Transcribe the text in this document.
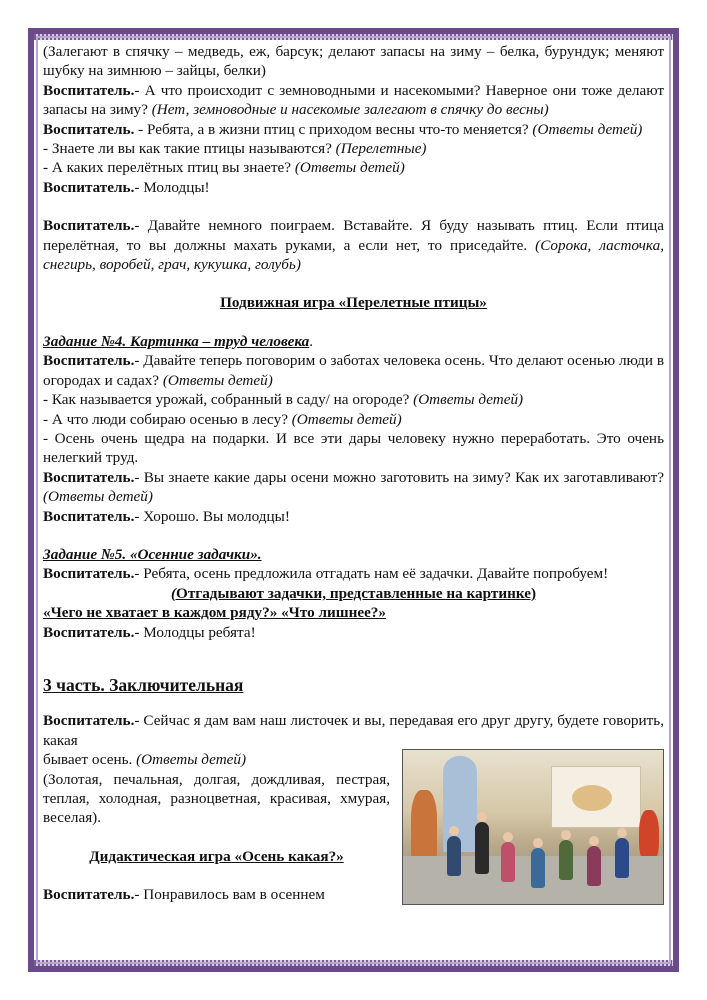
(Залегают в спячку – медведь, еж, барсук; делают запасы на зиму – белка, бурундук; меняют шубку на зимнюю – зайцы, белки)

Воспитатель.- А что происходит с земноводными и насекомыми? Наверное они тоже делают запасы на зиму? (Нет, земноводные и насекомые залегают в спячку до весны)

Воспитатель. - Ребята, а в жизни птиц с приходом весны что-то меняется? (Ответы детей)

- Знаете ли вы как такие птицы называются? (Перелетные)

- А каких перелётных птиц вы знаете? (Ответы детей)

Воспитатель.- Молодцы!

Воспитатель.- Давайте немного поиграем. Вставайте. Я буду называть птиц. Если птица перелётная, то вы должны махать руками, а если нет, то приседайте. (Сорока, ласточка, снегирь, воробей, грач, кукушка, голубь)

Подвижная игра «Перелетные птицы»

Задание №4. Картинка – труд человека.

Воспитатель.- Давайте теперь поговорим о заботах человека осень. Что делают осенью люди в огородах и садах? (Ответы детей)

- Как называется урожай, собранный в саду/ на огороде? (Ответы детей)

- А что люди собираю осенью в лесу? (Ответы детей)

- Осень очень щедра на подарки. И все эти дары человеку нужно переработать. Это очень нелегкий труд.

Воспитатель.- Вы знаете какие дары осени можно заготовить на зиму? Как их заготавливают? (Ответы детей)

Воспитатель.- Хорошо. Вы молодцы!

Задание №5. «Осенние задачки».

Воспитатель.- Ребята, осень предложила отгадать нам её задачки. Давайте попробуем!

(Отгадывают задачки, представленные на картинке)

«Чего не хватает в каждом ряду?» «Что лишнее?»

Воспитатель.- Молодцы ребята!

3 часть. Заключительная

Воспитатель.- Сейчас я дам вам наш листочек и вы, передавая его друг другу, будете говорить, какая

бывает осень. (Ответы детей)

(Золотая, печальная, долгая, дождливая, пестрая, теплая, холодная, разноцветная, красивая, хмурая, веселая).

Дидактическая игра «Осень какая?»

Воспитатель.- Понравилось вам в осеннем
